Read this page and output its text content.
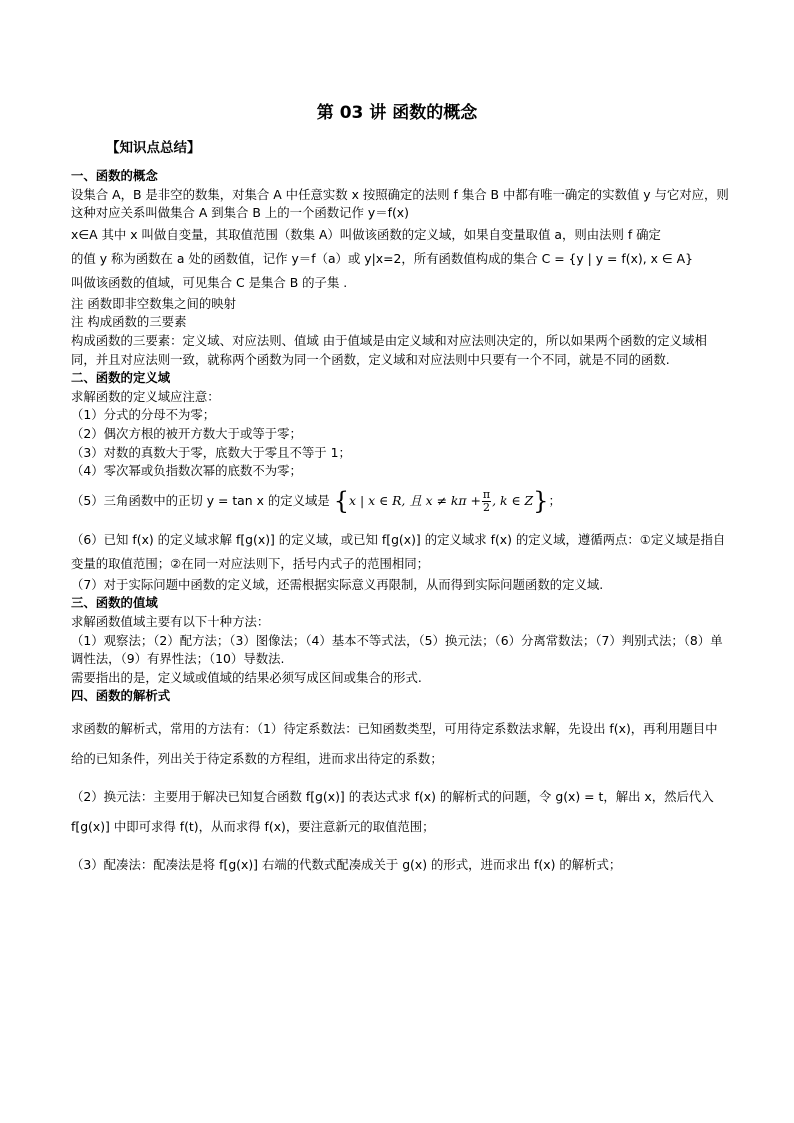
第 03 讲 函数的概念
【知识点总结】

一、函数的概念

设集合 A，B 是非空的数集，对集合 A 中任意实数 x 按照确定的法则 f 集合 B 中都有唯一确定的实数值 y 与它对应，则这种对应关系叫做集合 A 到集合 B 上的一个函数记作 y＝f(x)

x∈A 其中 x 叫做自变量，其取值范围（数集 A）叫做该函数的定义域，如果自变量取值 a，则由法则 f 确定

的值 y 称为函数在 a 处的函数值，记作 y＝f（a）或 y|x=2，所有函数值构成的集合 C = {y | y = f(x), x ∈ A}

叫做该函数的值域，可见集合 C 是集合 B 的子集 .

注 函数即非空数集之间的映射

注 构成函数的三要素

构成函数的三要素：定义域、对应法则、值域 由于值域是由定义域和对应法则决定的，所以如果两个函数的定义域相同，并且对应法则一致，就称两个函数为同一个函数，定义域和对应法则中只要有一个不同，就是不同的函数.

二、函数的定义域

求解函数的定义域应注意：

（1）分式的分母不为零；

（2）偶次方根的被开方数大于或等于零；

（3）对数的真数大于零，底数大于零且不等于 1；

（4）零次幂或负指数次幂的底数不为零；

（5）三角函数中的正切 y = tan x 的定义域是 {x | x ∈ R, 且 $x \ne k\pi + \frac{\pi}{2}$ , k ∈ Z}；

（6）已知 f(x) 的定义域求解 f[g(x)] 的定义域，或已知 f[g(x)] 的定义域求 f(x) 的定义域，遵循两点：①定义域是指自变量的取值范围；②在同一对应法则下，括号内式子的范围相同；

（7）对于实际问题中函数的定义域，还需根据实际意义再限制，从而得到实际问题函数的定义域.

三、函数的值域

求解函数值域主要有以下十种方法：

（1）观察法；（2）配方法；（3）图像法；（4）基本不等式法，（5）换元法；（6）分离常数法；（7）判别式法；（8）单调性法，（9）有界性法；（10）导数法.

需要指出的是，定义域或值域的结果必须写成区间或集合的形式.

四、函数的解析式

求函数的解析式，常用的方法有：（1）待定系数法：已知函数类型，可用待定系数法求解，先设出 f(x)，再利用题目中给的已知条件，列出关于待定系数的方程组，进而求出待定的系数；

（2）换元法：主要用于解决已知复合函数 f[g(x)] 的表达式求 f(x) 的解析式的问题，令 g(x) = t，解出 x，然后代入 f[g(x)] 中即可求得 f(t)，从而求得 f(x)，要注意新元的取值范围；

（3）配凑法：配凑法是将 f[g(x)] 右端的代数式配凑成关于 g(x) 的形式，进而求出 f(x) 的解析式；
